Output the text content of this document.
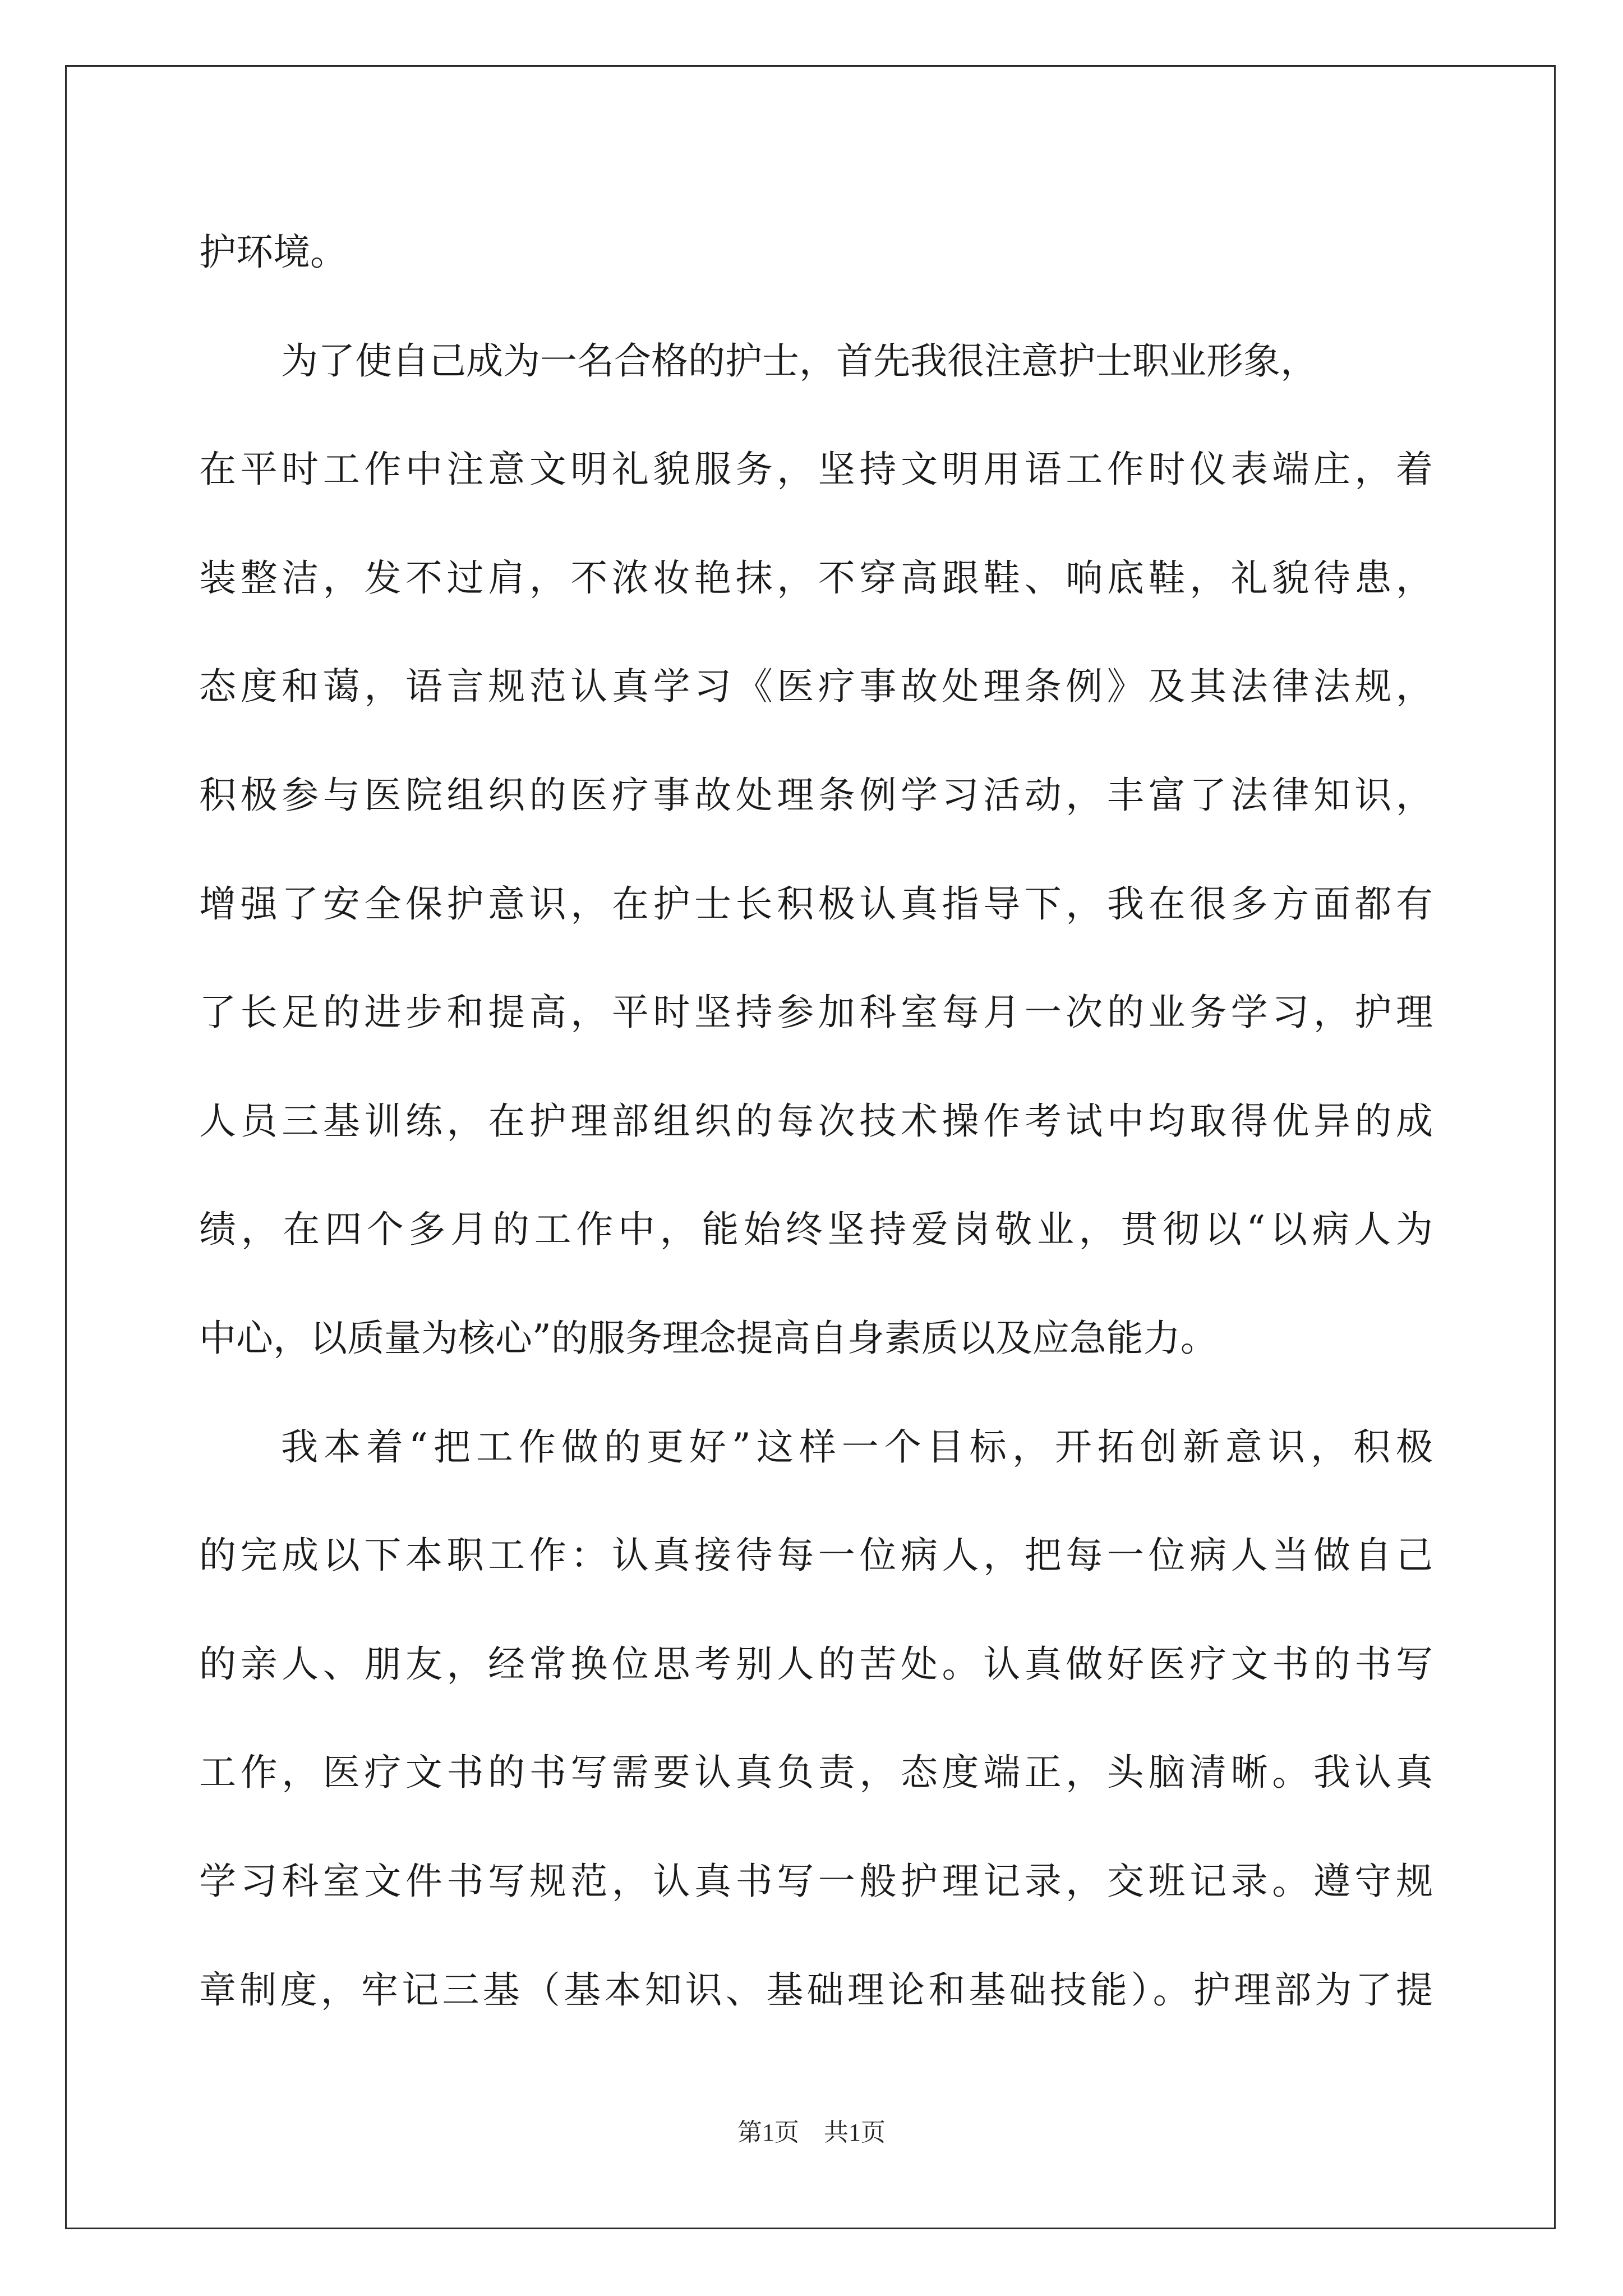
护环境。
为了使自己成为一名合格的护士，首先我很注意护士职业形象，
在平时工作中注意文明礼貌服务，坚持文明用语工作时仪表端庄，着
装整洁，发不过肩，不浓妆艳抹，不穿高跟鞋、响底鞋，礼貌待患，
态度和蔼，语言规范认真学习《医疗事故处理条例》及其法律法规，
积极参与医院组织的医疗事故处理条例学习活动，丰富了法律知识，
增强了安全保护意识，在护士长积极认真指导下，我在很多方面都有
了长足的进步和提高，平时坚持参加科室每月一次的业务学习，护理
人员三基训练，在护理部组织的每次技术操作考试中均取得优异的成
绩，在四个多月的工作中，能始终坚持爱岗敬业，贯彻以“以病人为
中心，以质量为核心”的服务理念提高自身素质以及应急能力。
我本着“把工作做的更好”这样一个目标，开拓创新意识，积极
的完成以下本职工作：认真接待每一位病人，把每一位病人当做自己
的亲人、朋友，经常换位思考别人的苦处。认真做好医疗文书的书写
工作，医疗文书的书写需要认真负责，态度端正，头脑清晰。我认真
学习科室文件书写规范，认真书写一般护理记录，交班记录。遵守规
章制度，牢记三基（基本知识、基础理论和基础技能）。护理部为了提
第1页　共1页
